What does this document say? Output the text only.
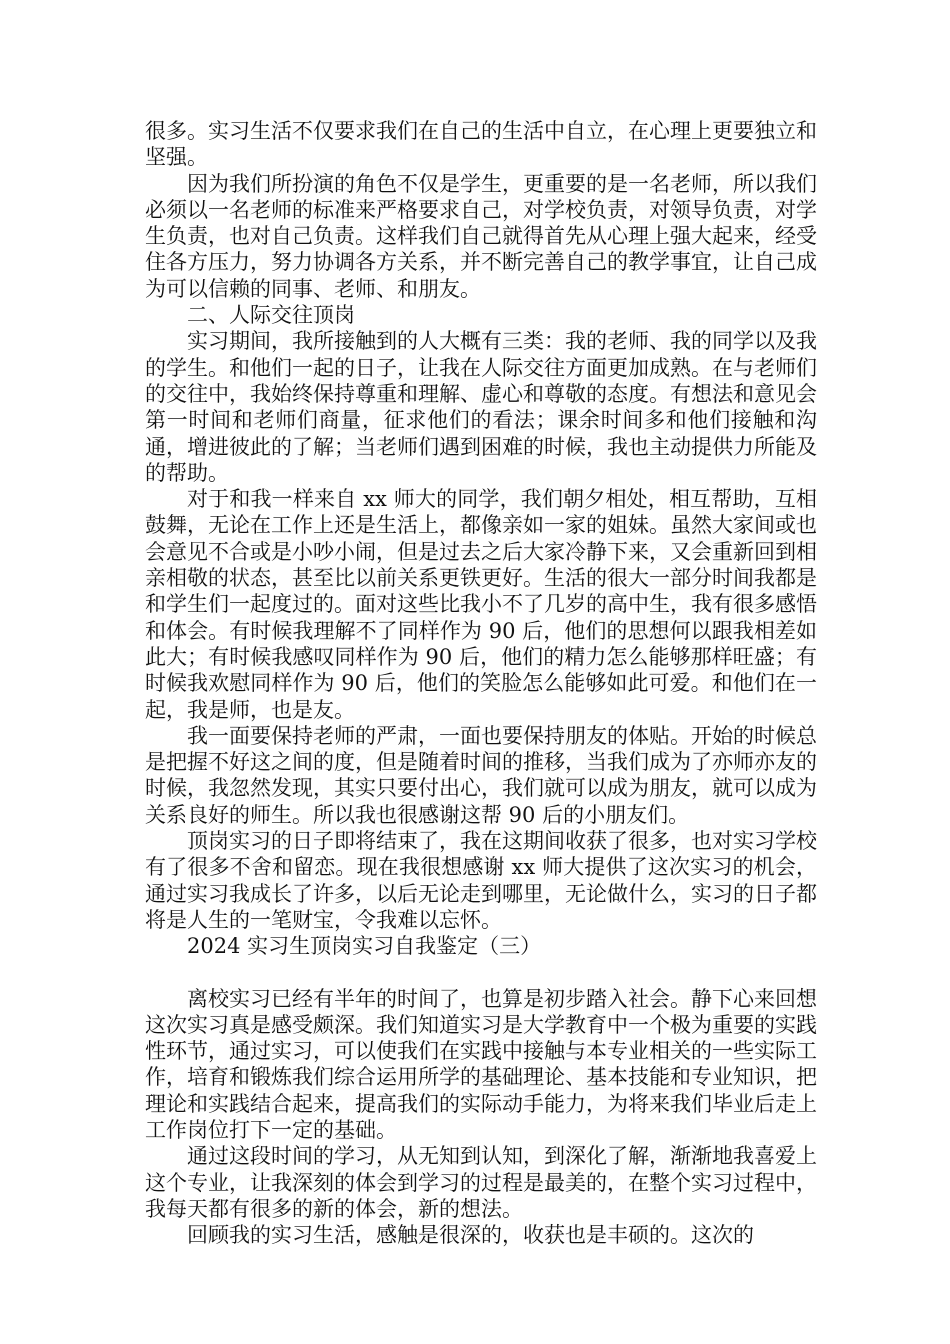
很多。实习生活不仅要求我们在自己的生活中自立，在心理上更要独立和坚强。

因为我们所扮演的角色不仅是学生，更重要的是一名老师，所以我们必须以一名老师的标准来严格要求自己，对学校负责，对领导负责，对学生负责，也对自己负责。这样我们自己就得首先从心理上强大起来，经受住各方压力，努力协调各方关系，并不断完善自己的教学事宜，让自己成为可以信赖的同事、老师、和朋友。

二、人际交往顶岗

实习期间，我所接触到的人大概有三类：我的老师、我的同学以及我的学生。和他们一起的日子，让我在人际交往方面更加成熟。在与老师们的交往中，我始终保持尊重和理解、虚心和尊敬的态度。有想法和意见会第一时间和老师们商量，征求他们的看法；课余时间多和他们接触和沟通，增进彼此的了解；当老师们遇到困难的时候，我也主动提供力所能及的帮助。

对于和我一样来自 xx 师大的同学，我们朝夕相处，相互帮助，互相鼓舞，无论在工作上还是生活上，都像亲如一家的姐妹。虽然大家间或也会意见不合或是小吵小闹，但是过去之后大家冷静下来，又会重新回到相亲相敬的状态，甚至比以前关系更铁更好。生活的很大一部分时间我都是和学生们一起度过的。面对这些比我小不了几岁的高中生，我有很多感悟和体会。有时候我理解不了同样作为 90 后，他们的思想何以跟我相差如此大；有时候我感叹同样作为 90 后，他们的精力怎么能够那样旺盛；有时候我欢慰同样作为 90 后，他们的笑脸怎么能够如此可爱。和他们在一起，我是师，也是友。

我一面要保持老师的严肃，一面也要保持朋友的体贴。开始的时候总是把握不好这之间的度，但是随着时间的推移，当我们成为了亦师亦友的时候，我忽然发现，其实只要付出心，我们就可以成为朋友，就可以成为关系良好的师生。所以我也很感谢这帮 90 后的小朋友们。

顶岗实习的日子即将结束了，我在这期间收获了很多，也对实习学校有了很多不舍和留恋。现在我很想感谢 xx 师大提供了这次实习的机会，通过实习我成长了许多，以后无论走到哪里，无论做什么，实习的日子都将是人生的一笔财宝，令我难以忘怀。

2024 实习生顶岗实习自我鉴定（三）

离校实习已经有半年的时间了，也算是初步踏入社会。静下心来回想这次实习真是感受颇深。我们知道实习是大学教育中一个极为重要的实践性环节，通过实习，可以使我们在实践中接触与本专业相关的一些实际工作，培育和锻炼我们综合运用所学的基础理论、基本技能和专业知识，把理论和实践结合起来，提高我们的实际动手能力，为将来我们毕业后走上工作岗位打下一定的基础。

通过这段时间的学习，从无知到认知，到深化了解，渐渐地我喜爱上这个专业，让我深刻的体会到学习的过程是最美的，在整个实习过程中，我每天都有很多的新的体会，新的想法。

回顾我的实习生活，感触是很深的，收获也是丰硕的。这次的
